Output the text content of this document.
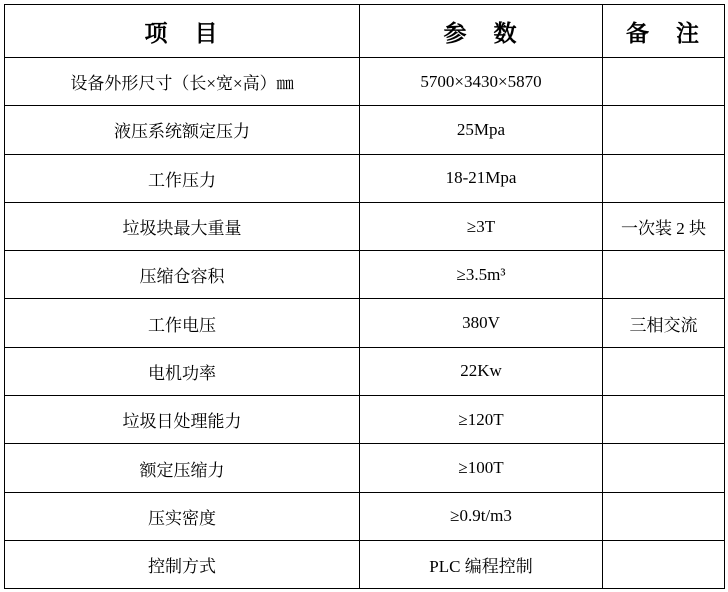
项　目	参　数	备　注
设备外形尺寸（长×宽×高）㎜	5700×3430×5870	
液压系统额定压力	25Mpa	
工作压力	18-21Mpa	
垃圾块最大重量	≥3T	一次装 2 块
压缩仓容积	≥3.5m³	
工作电压	380V	三相交流
电机功率	22Kw	
垃圾日处理能力	≥120T	
额定压缩力	≥100T	
压实密度	≥0.9t/m3	
控制方式	PLC 编程控制	
